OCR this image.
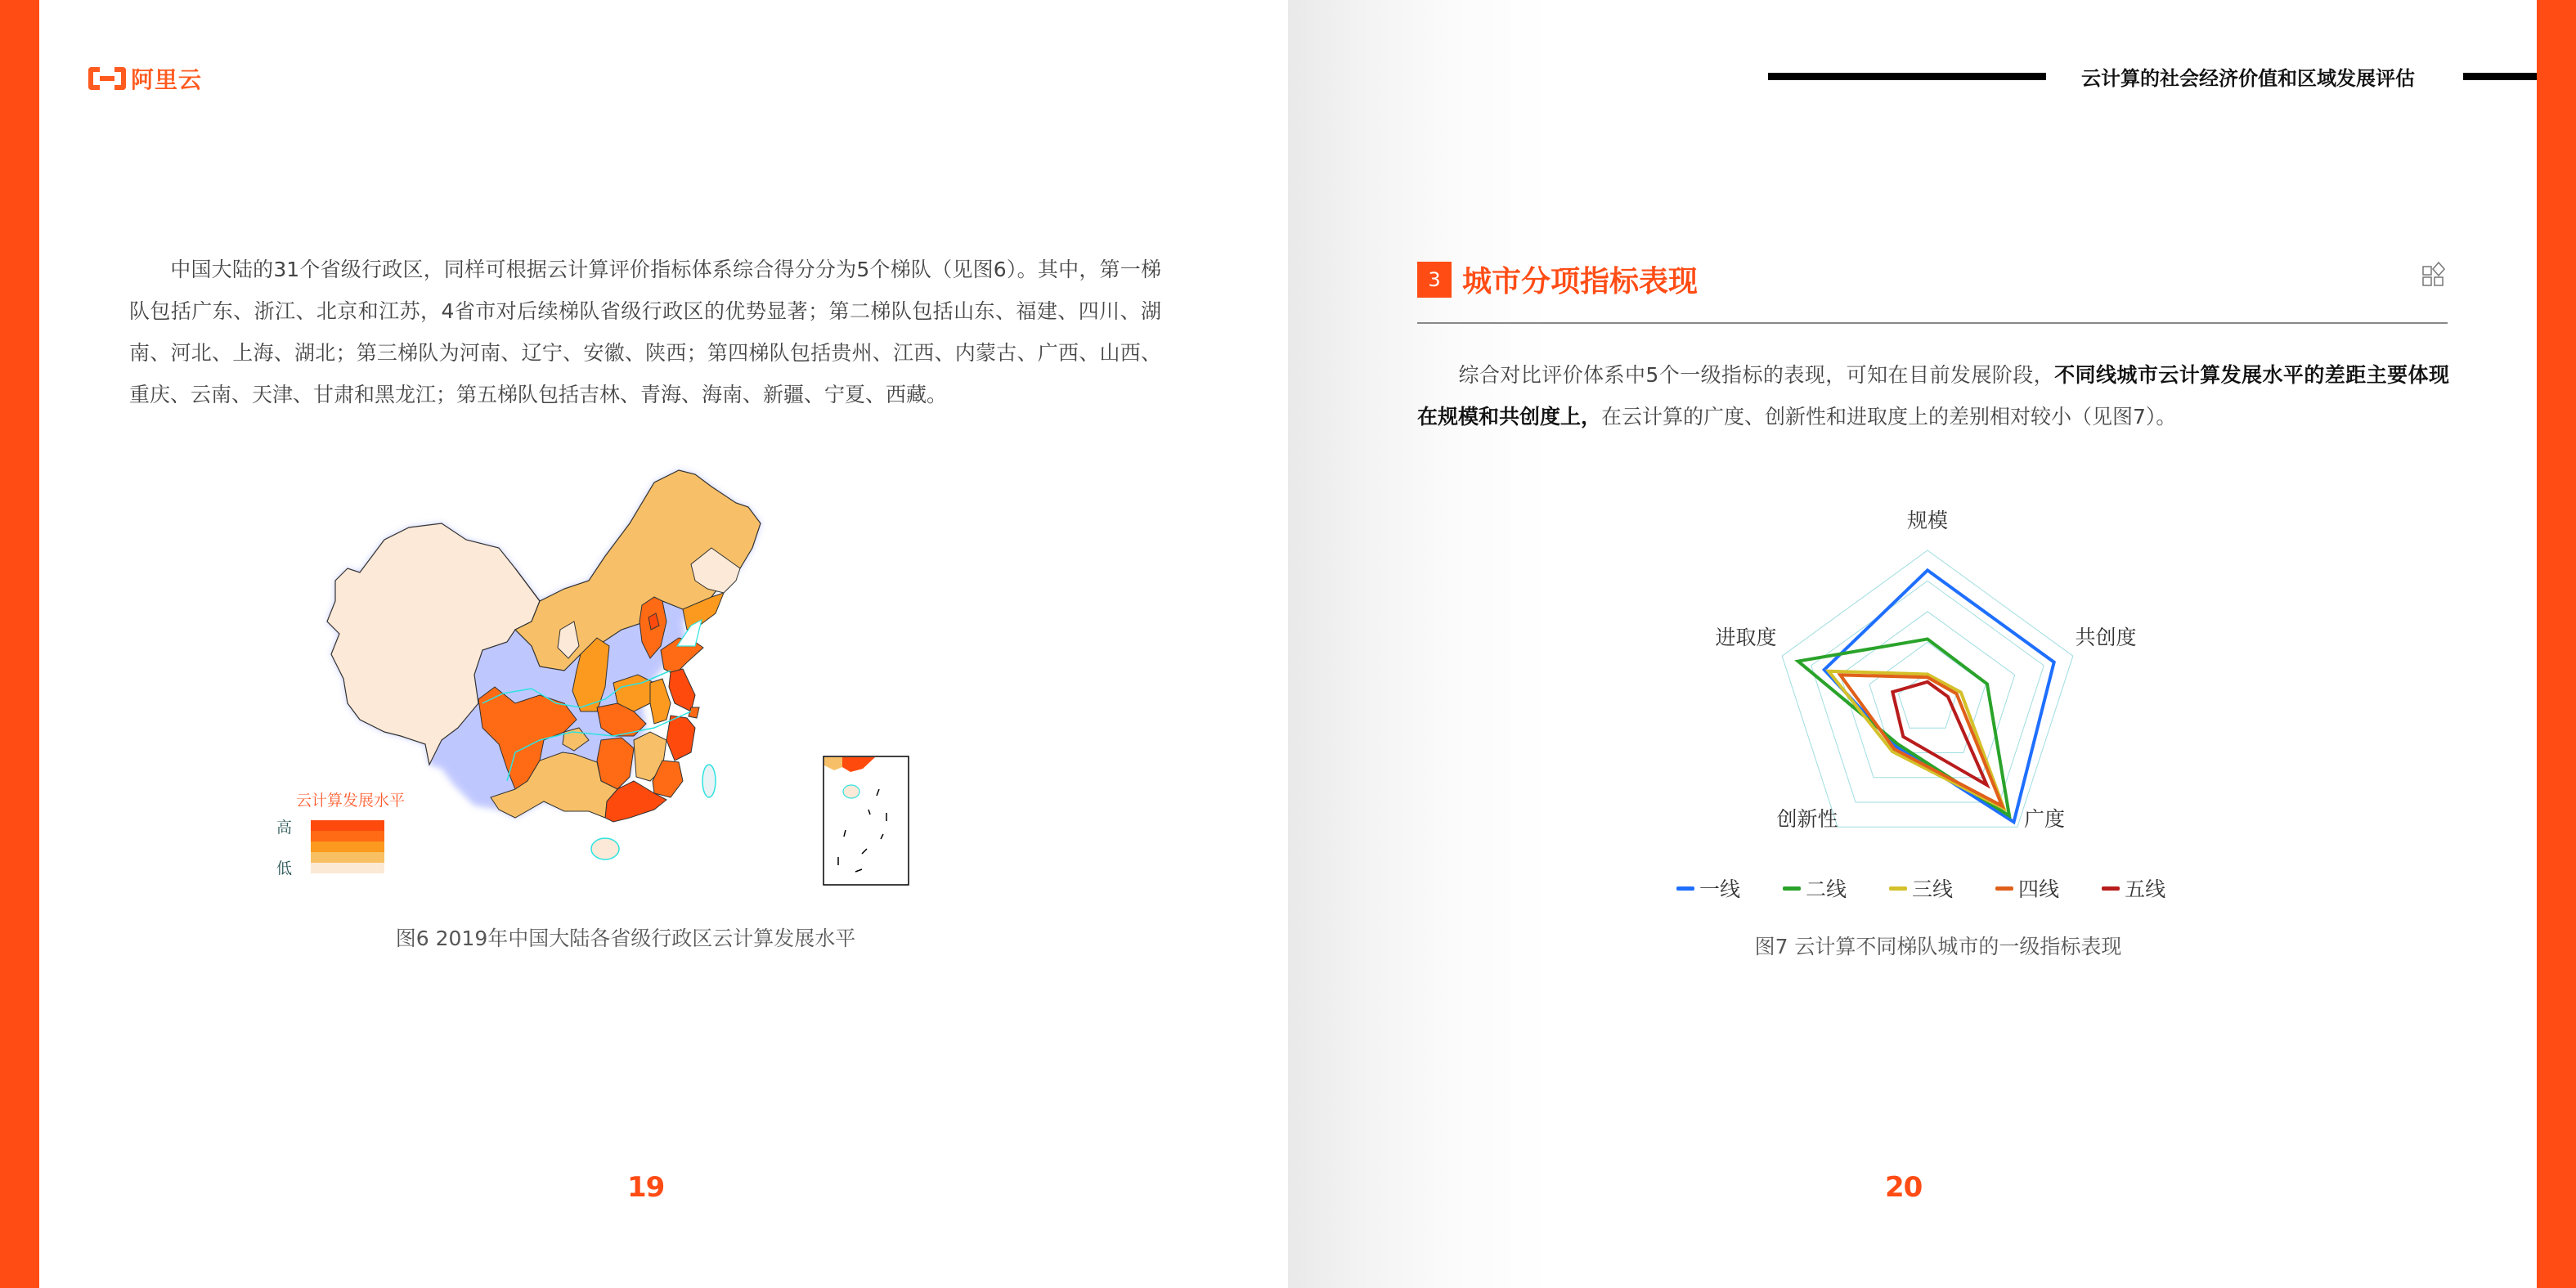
阿里云
中国大陆的31个省级行政区，同样可根据云计算评价指标体系综合得分分为5个梯队（见图6）。其中，第一梯队包括广东、浙江、北京和江苏，4省市对后续梯队省级行政区的优势显著；第二梯队包括山东、福建、四川、湖南、河北、上海、湖北；第三梯队为河南、辽宁、安徽、陕西；第四梯队包括贵州、江西、内蒙古、广西、山西、重庆、云南、天津、甘肃和黑龙江；第五梯队包括吉林、青海、海南、新疆、宁夏、西藏。
云计算发展水平
高
低
图6 2019年中国大陆各省级行政区云计算发展水平
19
云计算的社会经济价值和区域发展评估
3 城市分项指标表现
综合对比评价体系中5个一级指标的表现，可知在目前发展阶段，不同线城市云计算发展水平的差距主要体现在规模和共创度上，在云计算的广度、创新性和进取度上的差别相对较小（见图7）。
规模
共创度
广度
创新性
进取度
一线	二线	三线	四线	五线
图7 云计算不同梯队城市的一级指标表现
20
